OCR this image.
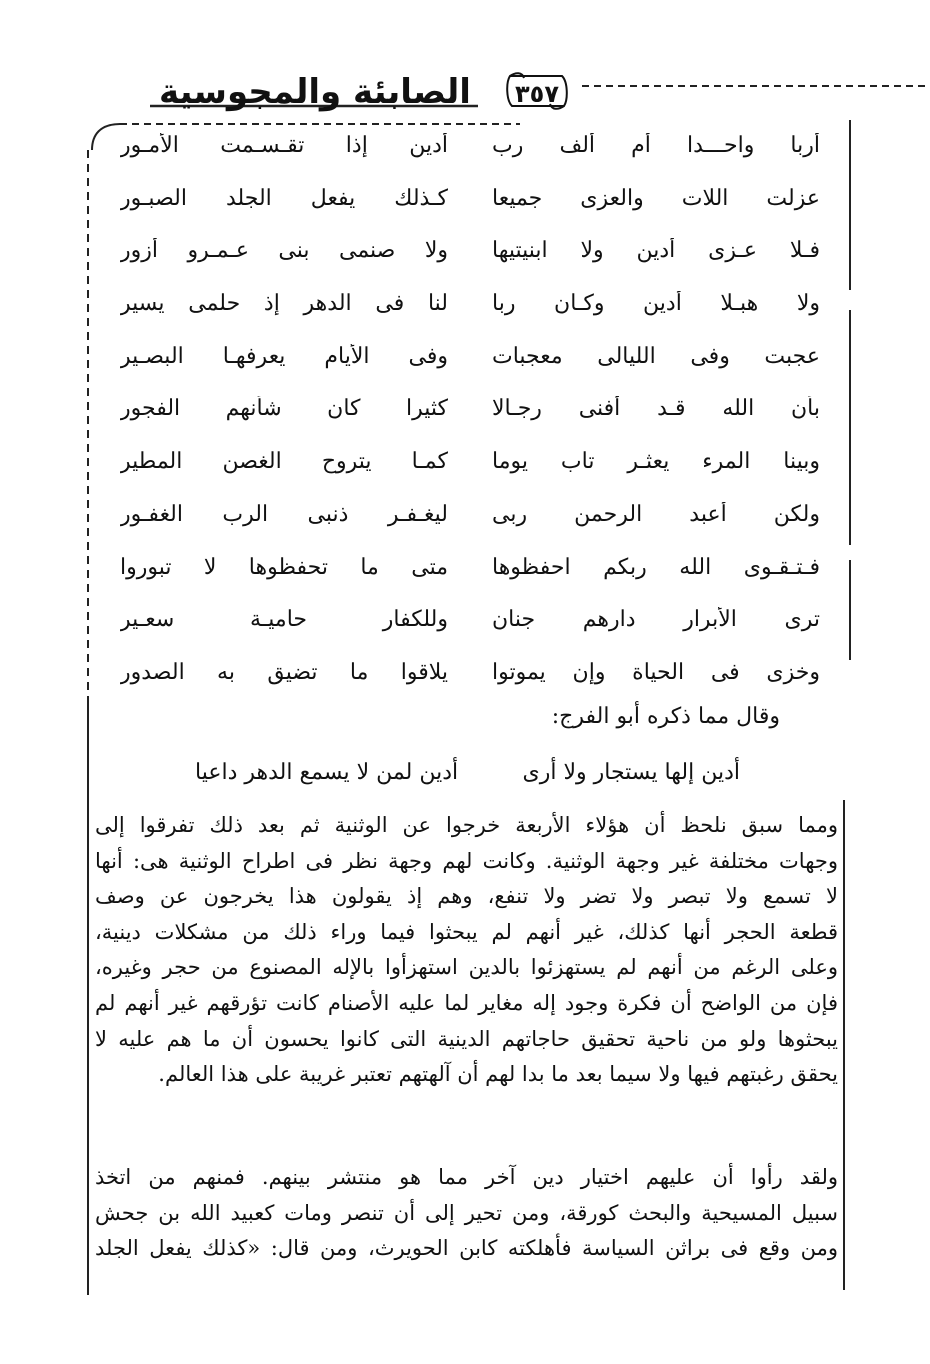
٣٥٧
الصابئة والمجوسية
أربا واحـــدا أم ألف رب
أدين إذا تقـسـمت الأمـور
عزلت اللات والعزى جميعا
كـذلك يفعل الجلد الصبـور
فـلا عـزى أدين ولا ابنيتيها
ولا صنمى بنى عـمـرو أزور
ولا هبـلا أدين وكـان ربا
لنا فى الدهر إذ حلمى يسير
عجبت وفى الليالى معجبات
وفى الأيام يعرفهـا البصـير
بأن الله قـد أفنى رجـالا
كثيرا كان شأنهم الفجور
وبينا المرء يعثـر تاب يوما
كمـا يتروح الغصن المطير
ولكن أعبد الرحمن ربى
ليغـفـر ذنبى الرب الغفـور
فـتـقـوى الله ربكم احفظوها
متى ما تحفظوها لا تبوروا
ترى الأبرار دارهم جنان
وللكفار حاميـة سعـير
وخزى فى الحياة وإن يموتوا
يلاقوا ما تضيق به الصدور
وقال مما ذكره أبو الفرج:
أدين إلها يستجار ولا أرى
أدين لمن لا يسمع الدهر داعيا
ومما سبق نلحظ أن هؤلاء الأربعة خرجوا عن الوثنية ثم بعد ذلك تفرقوا إلى
وجهات مختلفة غير وجهة الوثنية. وكانت لهم وجهة نظر فى اطراح الوثنية هى: أنها
لا تسمع ولا تبصر ولا تضر ولا تنفع، وهم إذ يقولون هذا يخرجون عن وصف
قطعة الحجر أنها كذلك، غير أنهم لم يبحثوا فيما وراء ذلك من مشكلات دينية،
وعلى الرغم من أنهم لم يستهزئوا بالدين استهزأوا بالإله المصنوع من حجر وغيره،
فإن من الواضح أن فكرة وجود إله مغاير لما عليه الأصنام كانت تؤرقهم غير أنهم لم
يبحثوها ولو من ناحية تحقيق حاجاتهم الدينية التى كانوا يحسون أن ما هم عليه لا
يحقق رغبتهم فيها ولا سيما بعد ما بدا لهم أن آلهتهم تعتبر غريبة على هذا العالم.
ولقد رأوا أن عليهم اختيار دين آخر مما هو منتشر بينهم. فمنهم من اتخذ
سبيل المسيحية والبحث كورقة، ومن تحير إلى أن تنصر ومات كعبيد الله بن جحش
ومن وقع فى براثن السياسة فأهلكته كابن الحويرث، ومن قال: «كذلك يفعل الجلد
